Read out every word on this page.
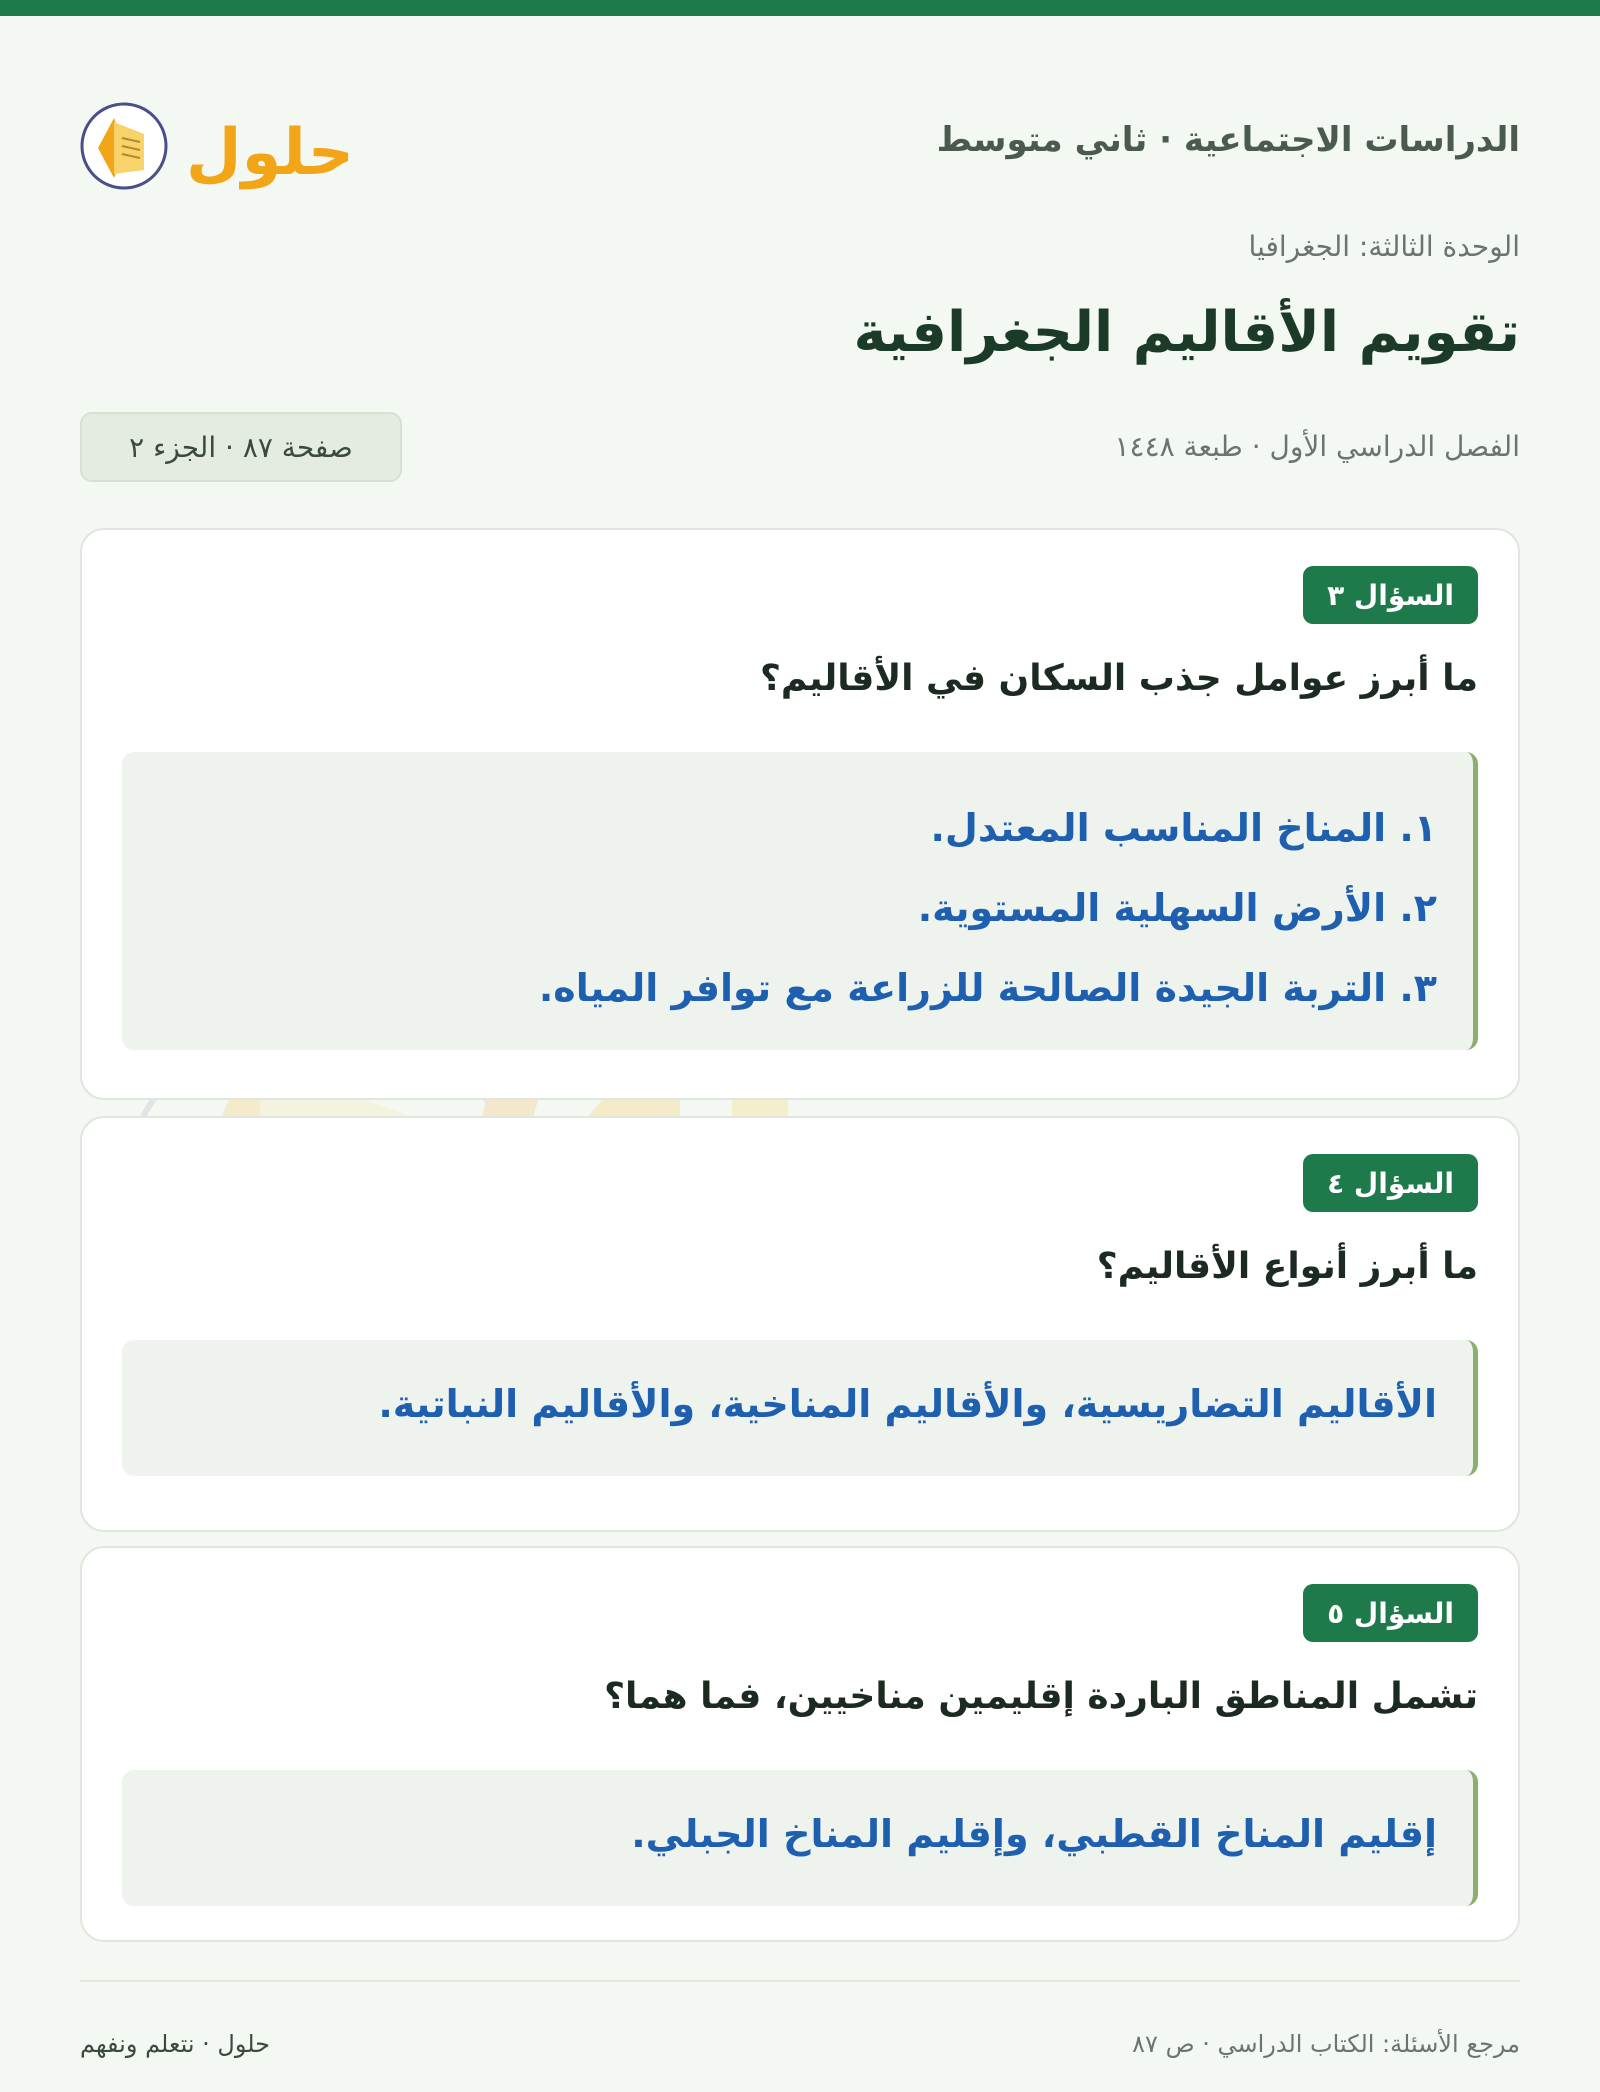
الدراسات الاجتماعية · ثاني متوسط
حلول
الوحدة الثالثة: الجغرافيا
تقويم الأقاليم الجغرافية
الفصل الدراسي الأول · طبعة ١٤٤٨
صفحة ٨٧ · الجزء ٢
السؤال ٣
ما أبرز عوامل جذب السكان في الأقاليم؟
١. المناخ المناسب المعتدل.
٢. الأرض السهلية المستوية.
٣. التربة الجيدة الصالحة للزراعة مع توافر المياه.
السؤال ٤
ما أبرز أنواع الأقاليم؟
الأقاليم التضاريسية، والأقاليم المناخية، والأقاليم النباتية.
السؤال ٥
تشمل المناطق الباردة إقليمين مناخيين، فما هما؟
إقليم المناخ القطبي، وإقليم المناخ الجبلي.
حلول · نتعلم ونفهم	مرجع الأسئلة: الكتاب الدراسي · ص ٨٧
